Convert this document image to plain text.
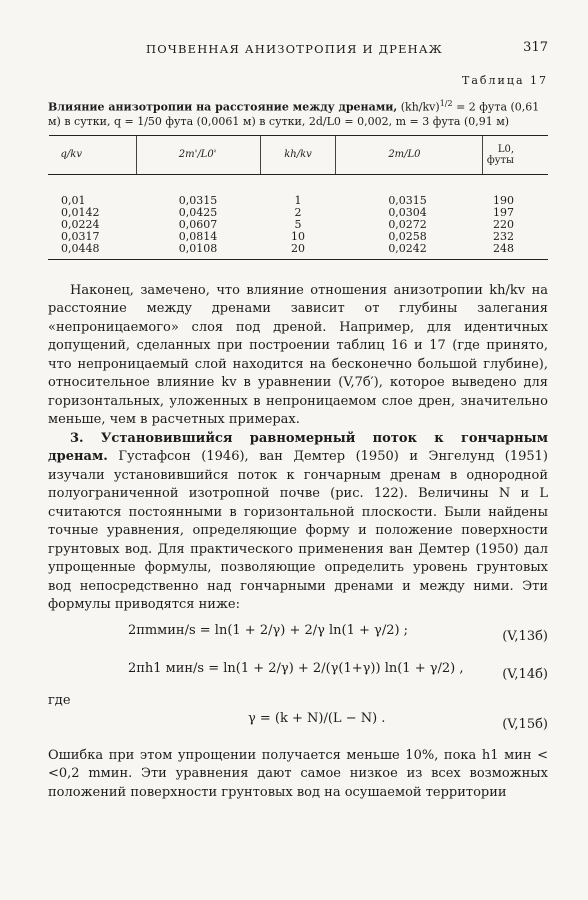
ПОЧВЕННАЯ АНИЗОТРОПИЯ И ДРЕНАЖ	317
Таблица 17
Влияние анизотропии на расстояние между дренами, $(kh/kv)^{1/2} = 2$ фута (0,61 м) в сутки, q = 1/50 фута (0,0061 м) в сутки, 2d/L0 = 0,002, m = 3 фута (0,91 м)
q/kv	2m'/L0'	kh/kv	2m/L0	L0, футы
0,01	0,0315	1	0,0315	190
0,0142	0,0425	2	0,0304	197
0,0224	0,0607	5	0,0272	220
0,0317	0,0814	10	0,0258	232
0,0448	0,0108	20	0,0242	248

Наконец, замечено, что влияние отношения анизотропии kh/kv на расстояние между дренами зависит от глубины залегания «непроницаемого» слоя под дреной. Например, для идентичных допущений, сделанных при построении таблиц 16 и 17 (где принято, что непроницаемый слой находится на бесконечно большой глубине), относительное влияние kv в уравнении (V,7б′), которое выведено для горизонтальных, уложенных в непроницаемом слое дрен, значительно меньше, чем в расчетных примерах.

3. Установившийся равномерный поток к гончарным дренам. Густафсон (1946), ван Демтер (1950) и Энгелунд (1951) изучали установившийся поток к гончарным дренам в однородной полуограниченной изотропной почве (рис. 122). Величины N и L считаются постоянными в горизонтальной плоскости. Были найдены точные уравнения, определяющие форму и положение поверхности грунтовых вод. Для практического применения ван Демтер (1950) дал упрощенные формулы, позволяющие определить уровень грунтовых вод непосредственно над гончарными дренами и между ними. Эти формулы приводятся ниже:

2πmмин/s = ln(1 + 2/γ) + 2/γ ln(1 + γ/2) ;	(V,13б)
2πh1 мин/s = ln(1 + 2/γ) + 2/(γ(1+γ)) ln(1 + γ/2) ,	(V,14б)
где
γ = (k + N)/(L − N) .	(V,15б)
Ошибка при этом упрощении получается меньше 10%, пока h1 мин < <0,2 mмин. Эти уравнения дают самое низкое из всех возможных положений поверхности грунтовых вод на осушаемой территории
